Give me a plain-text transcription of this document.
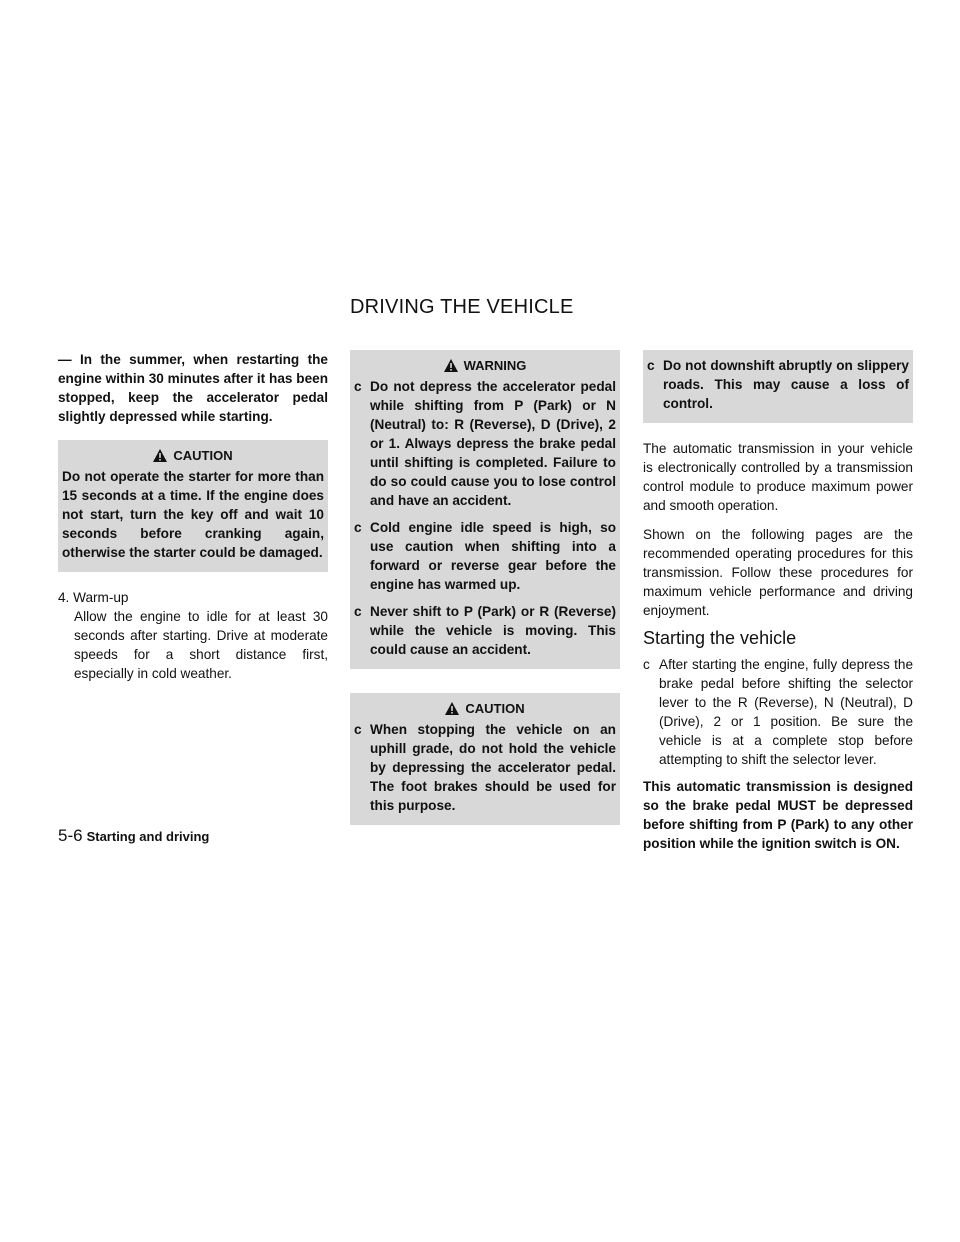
DRIVING THE VEHICLE

— In the summer, when restarting the engine within 30 minutes after it has been stopped, keep the accelerator pedal slightly depressed while starting.

CAUTION

Do not operate the starter for more than 15 seconds at a time. If the engine does not start, turn the key off and wait 10 seconds before cranking again, otherwise the starter could be damaged.

4. Warm-up

Allow the engine to idle for at least 30 seconds after starting. Drive at moderate speeds for a short distance first, especially in cold weather.

WARNING
c Do not depress the accelerator pedal while shifting from P (Park) or N (Neutral) to: R (Reverse), D (Drive), 2 or 1. Always depress the brake pedal until shifting is completed. Failure to do so could cause you to lose control and have an accident.
c Cold engine idle speed is high, so use caution when shifting into a forward or reverse gear before the engine has warmed up.
c Never shift to P (Park) or R (Reverse) while the vehicle is moving. This could cause an accident.
CAUTION
c When stopping the vehicle on an uphill grade, do not hold the vehicle by depressing the accelerator pedal. The foot brakes should be used for this purpose.
c Do not downshift abruptly on slippery roads. This may cause a loss of control.

The automatic transmission in your vehicle is electronically controlled by a transmission control module to produce maximum power and smooth operation.

Shown on the following pages are the recommended operating procedures for this transmission. Follow these procedures for maximum vehicle performance and driving enjoyment.

Starting the vehicle
c After starting the engine, fully depress the brake pedal before shifting the selector lever to the R (Reverse), N (Neutral), D (Drive), 2 or 1 position. Be sure the vehicle is at a complete stop before attempting to shift the selector lever.

This automatic transmission is designed so the brake pedal MUST be depressed before shifting from P (Park) to any other position while the ignition switch is ON.

5-6 Starting and driving
